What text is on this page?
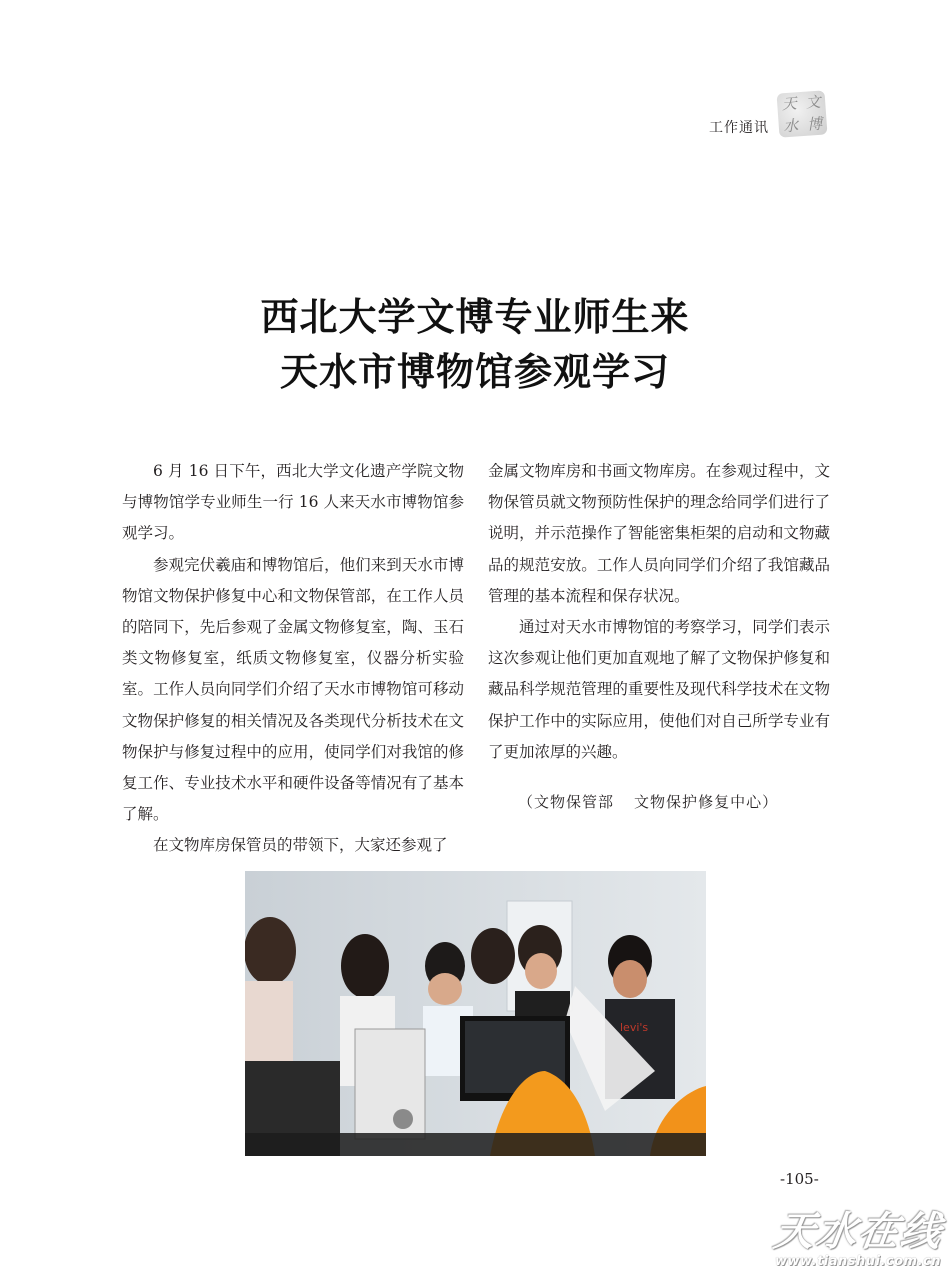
工作通讯
天 文
水 博
西北大学文博专业师生来
天水市博物馆参观学习

6 月 16 日下午，西北大学文化遗产学院文物与博物馆学专业师生一行 16 人来天水市博物馆参观学习。

参观完伏羲庙和博物馆后，他们来到天水市博物馆文物保护修复中心和文物保管部，在工作人员的陪同下，先后参观了金属文物修复室，陶、玉石类文物修复室，纸质文物修复室，仪器分析实验室。工作人员向同学们介绍了天水市博物馆可移动文物保护修复的相关情况及各类现代分析技术在文物保护与修复过程中的应用，使同学们对我馆的修复工作、专业技术水平和硬件设备等情况有了基本了解。

在文物库房保管员的带领下，大家还参观了

金属文物库房和书画文物库房。在参观过程中，文物保管员就文物预防性保护的理念给同学们进行了说明，并示范操作了智能密集柜架的启动和文物藏品的规范安放。工作人员向同学们介绍了我馆藏品管理的基本流程和保存状况。

通过对天水市博物馆的考察学习，同学们表示这次参观让他们更加直观地了解了文物保护修复和藏品科学规范管理的重要性及现代科学技术在文物保护工作中的实际应用，使他们对自己所学专业有了更加浓厚的兴趣。

（文物保管部  文物保护修复中心）
levi's
-105-
天水在线
www.tianshui.com.cn
